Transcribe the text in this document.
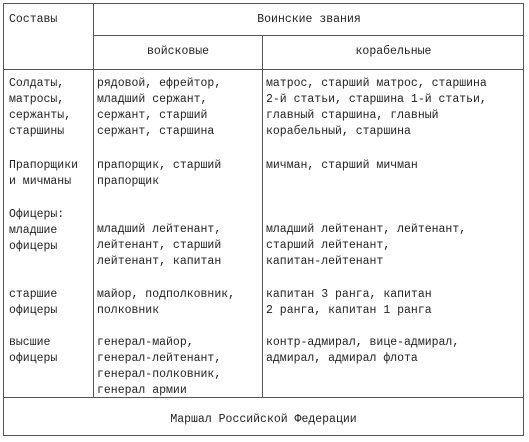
Составы	Воинские звания
войсковые	корабельные
Солдаты,
матросы,
сержанты,
старшины
рядовой, ефрейтор,
младший сержант,
сержант, старший
сержант, старшина
матрос, старший матрос, старшина
2-й статьи, старшина 1-й статьи,
главный старшина, главный
корабельный, старшина
Прапорщики
и мичманы
прапорщик, старший
прапорщик
мичман, старший мичман
Офицеры:
младшие
офицеры
младший лейтенант,
лейтенант, старший
лейтенант, капитан
младший лейтенант, лейтенант,
старший лейтенант,
капитан-лейтенант
старшие
офицеры
майор, подполковник,
полковник
капитан 3 ранга, капитан
2 ранга, капитан 1 ранга
высшие
офицеры
генерал-майор,
генерал-лейтенант,
генерал-полковник,
генерал армии
контр-адмирал, вице-адмирал,
адмирал, адмирал флота
Маршал Российской Федерации
